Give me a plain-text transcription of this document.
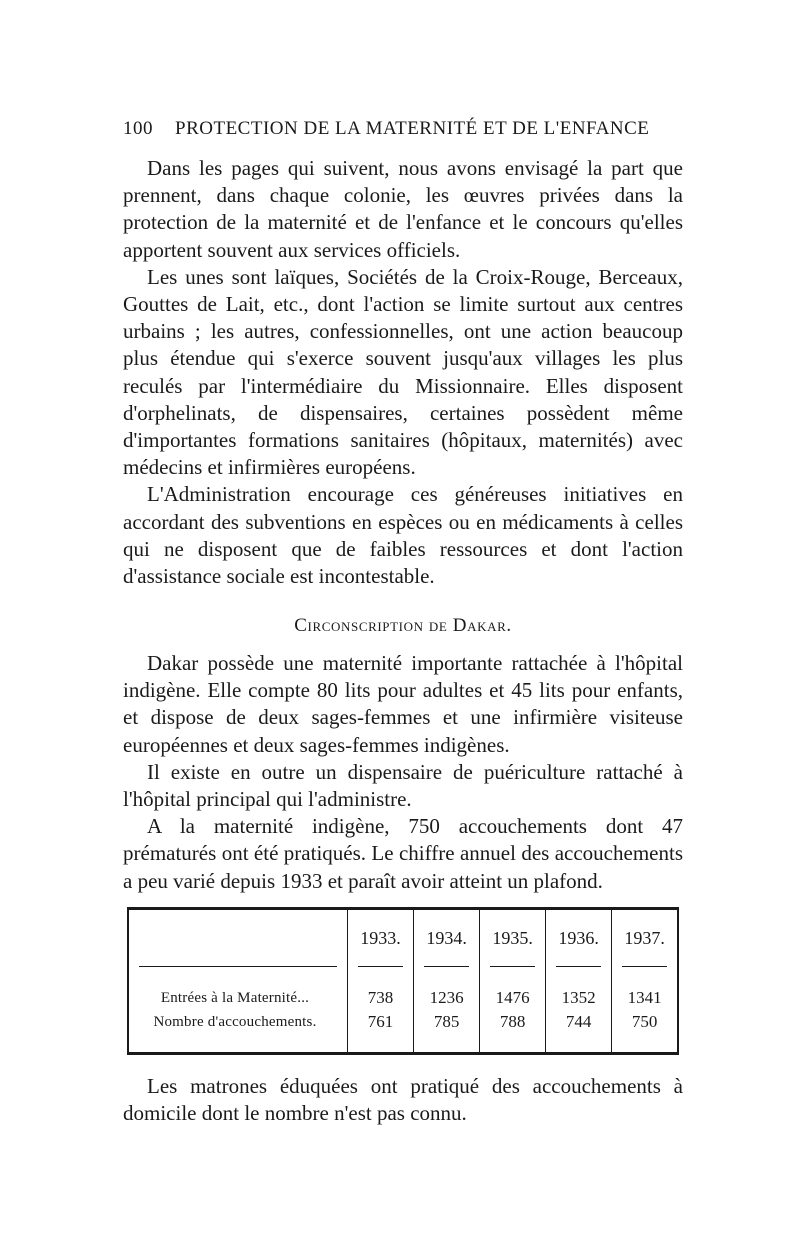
100 PROTECTION DE LA MATERNITÉ ET DE L'ENFANCE

Dans les pages qui suivent, nous avons envisagé la part que prennent, dans chaque colonie, les œuvres privées dans la protection de la maternité et de l'enfance et le concours qu'elles apportent souvent aux services officiels.

Les unes sont laïques, Sociétés de la Croix-Rouge, Berceaux, Gouttes de Lait, etc., dont l'action se limite surtout aux centres urbains ; les autres, confessionnelles, ont une action beaucoup plus étendue qui s'exerce souvent jusqu'aux villages les plus reculés par l'intermédiaire du Missionnaire. Elles disposent d'orphelinats, de dispensaires, certaines possèdent même d'importantes formations sanitaires (hôpitaux, maternités) avec médecins et infirmières européens.

L'Administration encourage ces généreuses initiatives en accordant des subventions en espèces ou en médicaments à celles qui ne disposent que de faibles ressources et dont l'action d'assistance sociale est incontestable.

Circonscription de Dakar.

Dakar possède une maternité importante rattachée à l'hôpital indigène. Elle compte 80 lits pour adultes et 45 lits pour enfants, et dispose de deux sages-femmes et une infirmière visiteuse européennes et deux sages-femmes indigènes.

Il existe en outre un dispensaire de puériculture rattaché à l'hôpital principal qui l'administre.

A la maternité indigène, 750 accouchements dont 47 prématurés ont été pratiqués. Le chiffre annuel des accouchements a peu varié depuis 1933 et paraît avoir atteint un plafond.

	1933.	1934.	1935.	1936.	1937.

Entrées à la Maternité...	738	1236	1476	1352	1341
Nombre d'accouchements.	761	785	788	744	750

Les matrones éduquées ont pratiqué des accouchements à domicile dont le nombre n'est pas connu.
